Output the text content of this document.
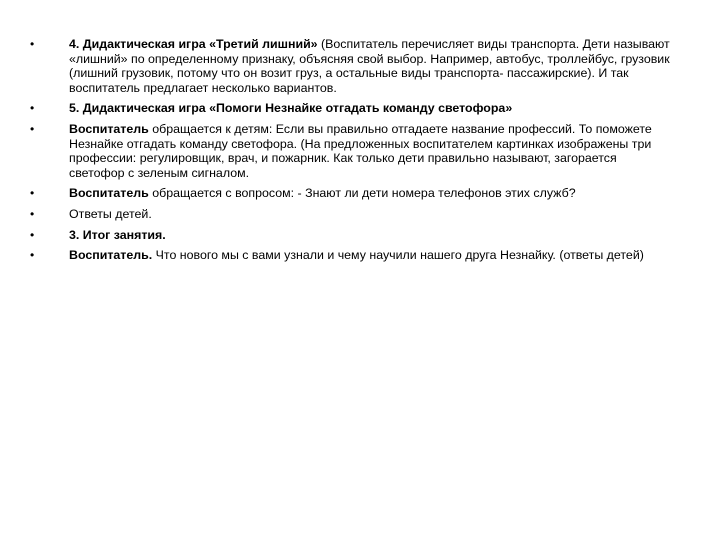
•	4. Дидактическая игра «Третий лишний» (Воспитатель перечисляет виды транспорта. Дети называют «лишний» по определенному признаку, объясняя свой выбор. Например, автобус, троллейбус, грузовик (лишний грузовик, потому что он возит груз, а остальные виды транспорта- пассажирские). И так воспитатель предлагает несколько вариантов.
•	5. Дидактическая игра «Помоги Незнайке отгадать команду светофора»
•	Воспитатель обращается к детям: Если вы правильно отгадаете название профессий. То поможете Незнайке отгадать команду светофора. (На предложенных воспитателем картинках изображены три профессии: регулировщик, врач, и пожарник. Как только дети правильно называют, загорается светофор с зеленым сигналом.
•	Воспитатель обращается с вопросом: - Знают ли дети номера телефонов этих служб?
•	Ответы детей.
•	3. Итог занятия.
•	Воспитатель. Что нового мы с вами узнали и чему научили нашего друга Незнайку. (ответы детей)
